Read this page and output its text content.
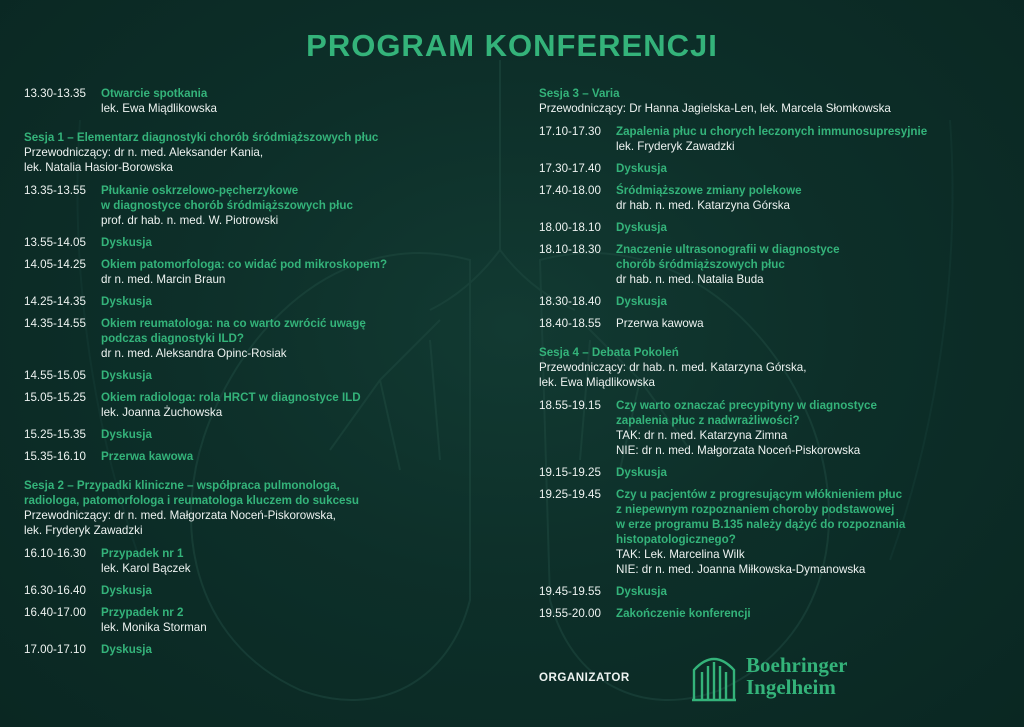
PROGRAM KONFERENCJI
13.30-13.35	Otwarcie spotkania
lek. Ewa Miądlikowska
Sesja 1 – Elementarz diagnostyki chorób śródmiąższowych płuc
Przewodniczący: dr n. med. Aleksander Kania,
lek. Natalia Hasior-Borowska
13.35-13.55	Płukanie oskrzelowo-pęcherzykowe
w diagnostyce chorób śródmiąższowych płuc
prof. dr hab. n. med. W. Piotrowski
13.55-14.05	Dyskusja
14.05-14.25	Okiem patomorfologa: co widać pod mikroskopem?
dr n. med. Marcin Braun
14.25-14.35	Dyskusja
14.35-14.55	Okiem reumatologa: na co warto zwrócić uwagę
podczas diagnostyki ILD?
dr n. med. Aleksandra Opinc-Rosiak
14.55-15.05	Dyskusja
15.05-15.25	Okiem radiologa: rola HRCT w diagnostyce ILD
lek. Joanna Żuchowska
15.25-15.35	Dyskusja
15.35-16.10	Przerwa kawowa
Sesja 2 – Przypadki kliniczne – współpraca pulmonologa,
radiologa, patomorfologa i reumatologa kluczem do sukcesu
Przewodniczący: dr n. med. Małgorzata Noceń-Piskorowska,
lek. Fryderyk Zawadzki
16.10-16.30	Przypadek nr 1
lek. Karol Bączek
16.30-16.40	Dyskusja
16.40-17.00	Przypadek nr 2
lek. Monika Storman
17.00-17.10	Dyskusja
Sesja 3 – Varia
Przewodniczący: Dr Hanna Jagielska-Len, lek. Marcela Słomkowska
17.10-17.30	Zapalenia płuc u chorych leczonych immunosupresyjnie
lek. Fryderyk Zawadzki
17.30-17.40	Dyskusja
17.40-18.00	Śródmiąższowe zmiany polekowe
dr hab. n. med. Katarzyna Górska
18.00-18.10	Dyskusja
18.10-18.30	Znaczenie ultrasonografii w diagnostyce
chorób śródmiąższowych płuc
dr hab. n. med. Natalia Buda
18.30-18.40	Dyskusja
18.40-18.55	Przerwa kawowa
Sesja 4 – Debata Pokoleń
Przewodniczący: dr hab. n. med. Katarzyna Górska,
lek. Ewa Miądlikowska
18.55-19.15	Czy warto oznaczać precypityny w diagnostyce
zapalenia płuc z nadwrażliwości?
TAK: dr n. med. Katarzyna Zimna
NIE: dr n. med. Małgorzata Noceń-Piskorowska
19.15-19.25	Dyskusja
19.25-19.45	Czy u pacjentów z progresującym włóknieniem płuc
z niepewnym rozpoznaniem choroby podstawowej
w erze programu B.135 należy dążyć do rozpoznania
histopatologicznego?
TAK: Lek. Marcelina Wilk
NIE: dr n. med. Joanna Miłkowska-Dymanowska
19.45-19.55	Dyskusja
19.55-20.00	Zakończenie konferencji
ORGANIZATOR
Boehringer
Ingelheim
